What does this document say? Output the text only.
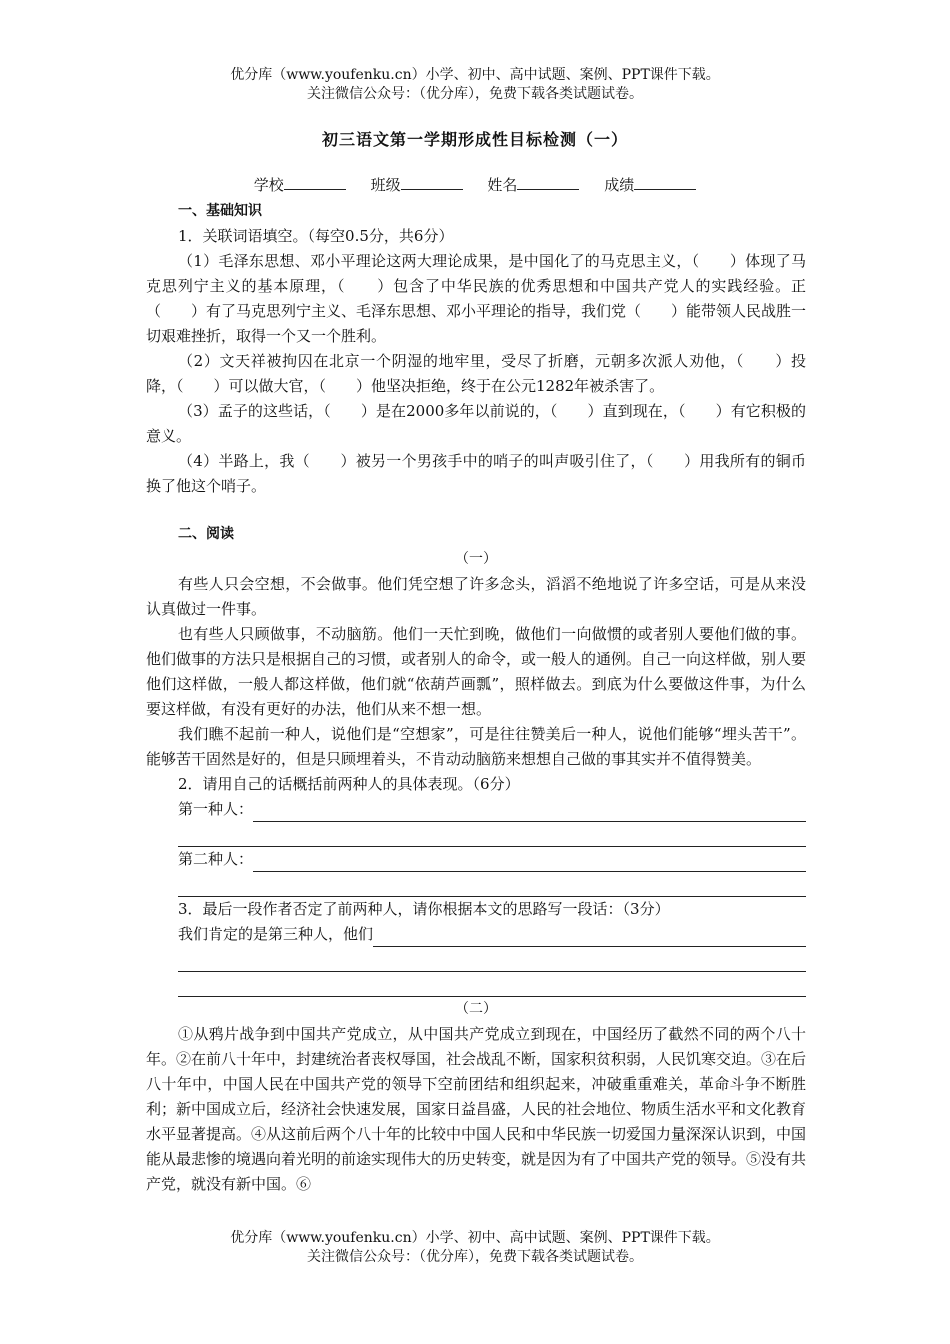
优分库（www.youfenku.cn）小学、初中、高中试题、案例、PPT课件下载。
关注微信公众号：（优分库），免费下载各类试题试卷。
初三语文第一学期形成性目标检测（一）
学校	班级	姓名	成绩
一、基础知识

1．关联词语填空。（每空0.5分，共6分）

（1）毛泽东思想、邓小平理论这两大理论成果，是中国化了的马克思主义，（　　）体现了马克思列宁主义的基本原理，（　　）包含了中华民族的优秀思想和中国共产党人的实践经验。正（　　）有了马克思列宁主义、毛泽东思想、邓小平理论的指导，我们党（　　）能带领人民战胜一切艰难挫折，取得一个又一个胜利。

（2）文天祥被拘囚在北京一个阴湿的地牢里，受尽了折磨，元朝多次派人劝他，（　　）投降，（　　）可以做大官，（　　）他坚决拒绝，终于在公元1282年被杀害了。

（3）孟子的这些话，（　　）是在2000多年以前说的，（　　）直到现在，（　　）有它积极的意义。

（4）半路上，我（　　）被另一个男孩手中的哨子的叫声吸引住了，（　　）用我所有的铜币换了他这个哨子。

二、阅读
（一）

有些人只会空想，不会做事。他们凭空想了许多念头，滔滔不绝地说了许多空话，可是从来没认真做过一件事。

也有些人只顾做事，不动脑筋。他们一天忙到晚，做他们一向做惯的或者别人要他们做的事。他们做事的方法只是根据自己的习惯，或者别人的命令，或一般人的通例。自己一向这样做，别人要他们这样做，一般人都这样做，他们就“依葫芦画瓢”，照样做去。到底为什么要做这件事，为什么要这样做，有没有更好的办法，他们从来不想一想。

我们瞧不起前一种人，说他们是“空想家”，可是往往赞美后一种人，说他们能够“埋头苦干”。能够苦干固然是好的，但是只顾埋着头，不肯动动脑筋来想想自己做的事其实并不值得赞美。

2．请用自己的话概括前两种人的具体表现。（6分）

第一种人：
第二种人：

3．最后一段作者否定了前两种人，请你根据本文的思路写一段话：（3分）

我们肯定的是第三种人，他们
（二）

①从鸦片战争到中国共产党成立，从中国共产党成立到现在，中国经历了截然不同的两个八十年。②在前八十年中，封建统治者丧权辱国，社会战乱不断，国家积贫积弱，人民饥寒交迫。③在后八十年中，中国人民在中国共产党的领导下空前团结和组织起来，冲破重重难关，革命斗争不断胜利；新中国成立后，经济社会快速发展，国家日益昌盛，人民的社会地位、物质生活水平和文化教育水平显著提高。④从这前后两个八十年的比较中中国人民和中华民族一切爱国力量深深认识到，中国能从最悲惨的境遇向着光明的前途实现伟大的历史转变，就是因为有了中国共产党的领导。⑤没有共产党，就没有新中国。⑥

优分库（www.youfenku.cn）小学、初中、高中试题、案例、PPT课件下载。
关注微信公众号：（优分库），免费下载各类试题试卷。
